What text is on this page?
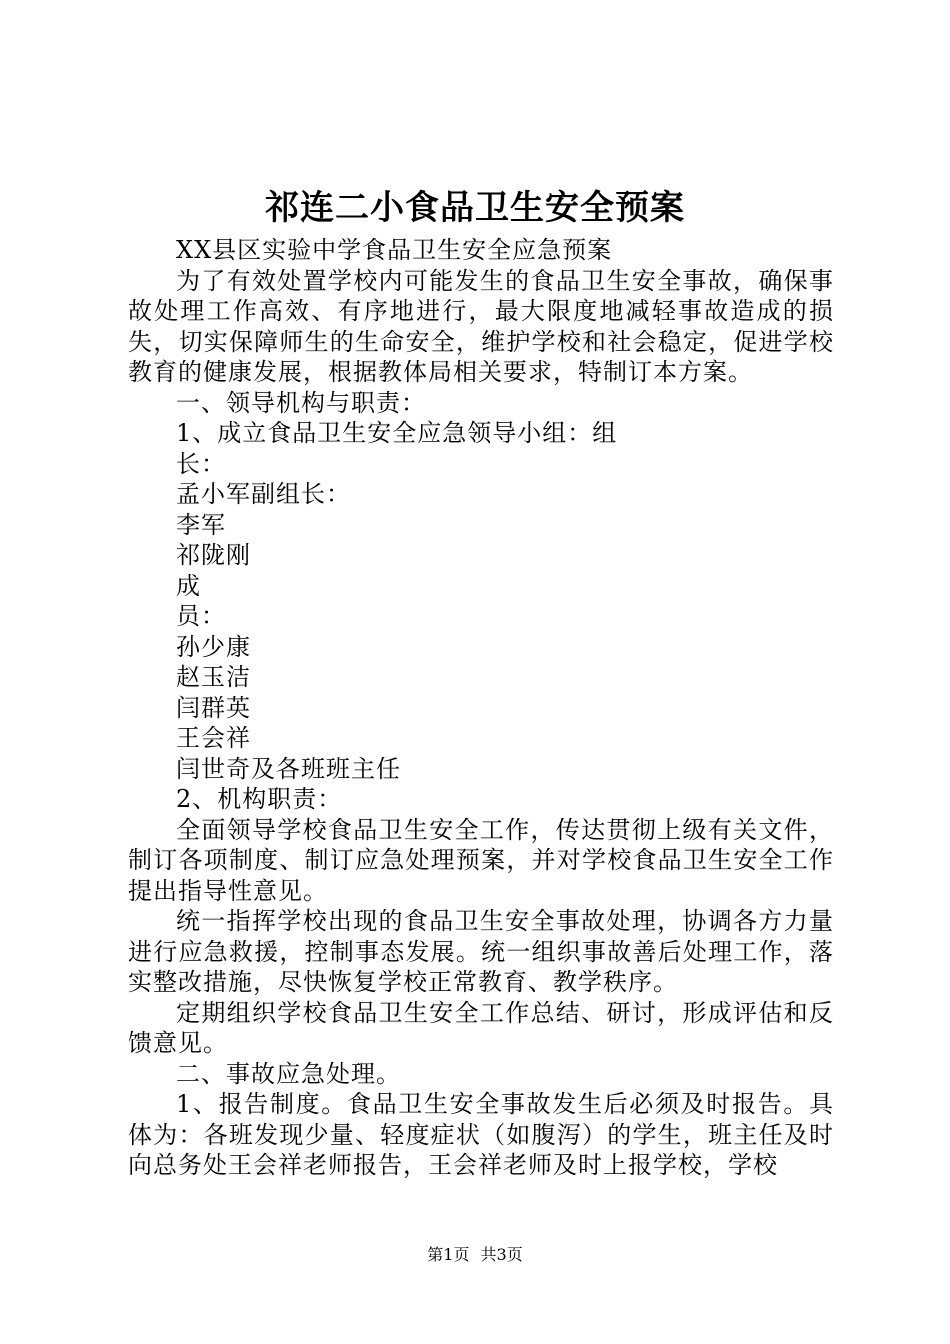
祁连二小食品卫生安全预案

XX县区实验中学食品卫生安全应急预案

为了有效处置学校内可能发生的食品卫生安全事故，确保事故处理工作高效、有序地进行，最大限度地减轻事故造成的损失，切实保障师生的生命安全，维护学校和社会稳定，促进学校教育的健康发展，根据教体局相关要求，特制订本方案。

一、领导机构与职责：

1、成立食品卫生安全应急领导小组：组

长：

孟小军副组长：

李军

祁陇刚

成

员：

孙少康

赵玉洁

闫群英

王会祥

闫世奇及各班班主任

2、机构职责：

全面领导学校食品卫生安全工作，传达贯彻上级有关文件，制订各项制度、制订应急处理预案，并对学校食品卫生安全工作提出指导性意见。

统一指挥学校出现的食品卫生安全事故处理，协调各方力量进行应急救援，控制事态发展。统一组织事故善后处理工作，落实整改措施，尽快恢复学校正常教育、教学秩序。

定期组织学校食品卫生安全工作总结、研讨，形成评估和反馈意见。

二、事故应急处理。

1、报告制度。食品卫生安全事故发生后必须及时报告。具体为：各班发现少量、轻度症状（如腹泻）的学生，班主任及时向总务处王会祥老师报告，王会祥老师及时上报学校，学校

第1页 共3页
